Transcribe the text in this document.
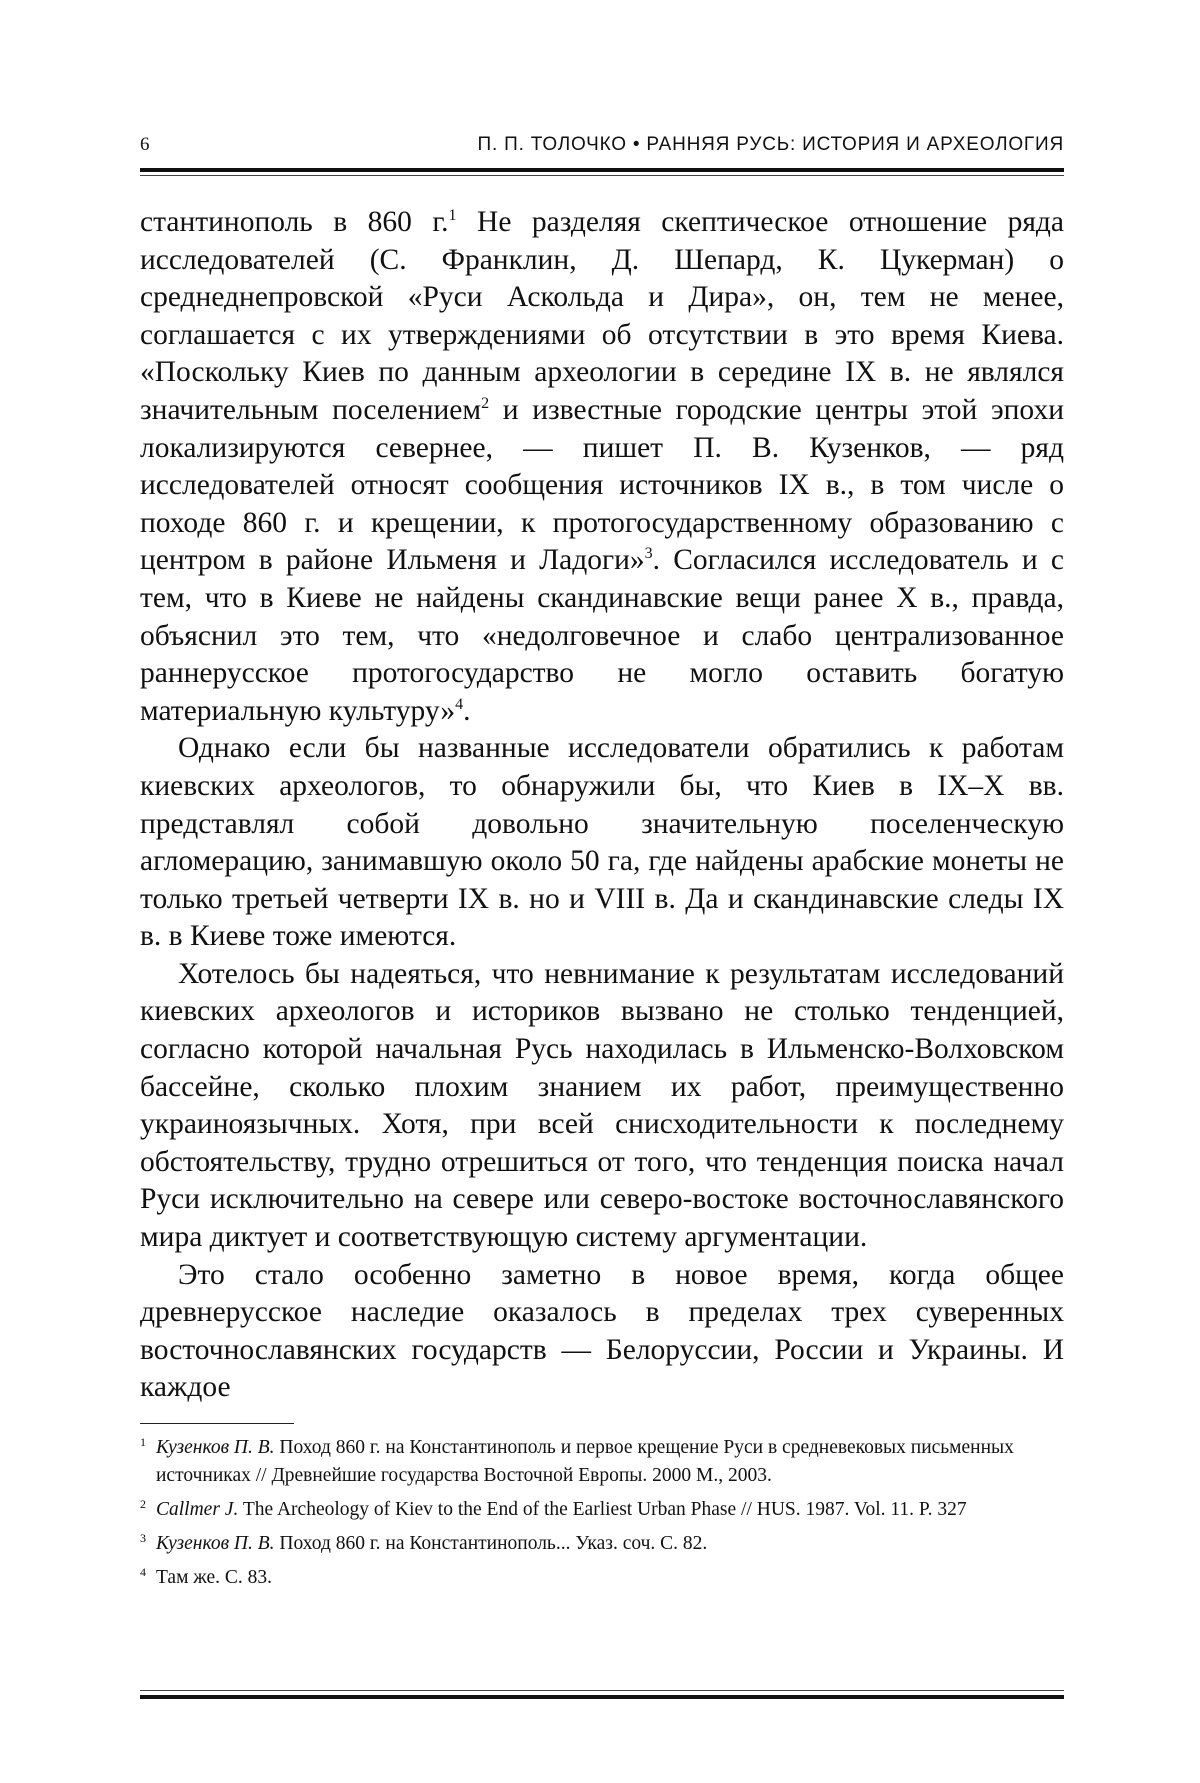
6	П. П. ТОЛОЧКО • РАННЯЯ РУСЬ: ИСТОРИЯ И АРХЕОЛОГИЯ

стантинополь в 860 г.$^1$ Не разделяя скептическое отношение ряда исследователей (С. Франклин, Д. Шепард, К. Цукерман) о среднеднепровской «Руси Аскольда и Дира», он, тем не менее, соглашается с их утверждениями об отсутствии в это время Киева. «Поскольку Киев по данным археологии в середине IX в. не являлся значительным поселением$^2$ и известные городские центры этой эпохи локализируются севернее, — пишет П. В. Кузенков, — ряд исследователей относят сообщения источников IX в., в том числе о походе 860 г. и крещении, к протогосударственному образованию с центром в районе Ильменя и Ладоги»$^3$. Согласился исследователь и с тем, что в Киеве не найдены скандинавские вещи ранее X в., правда, объяснил это тем, что «недолговечное и слабо централизованное раннерусское протогосударство не могло оставить богатую материальную культуру»$^4$.

Однако если бы названные исследователи обратились к работам киевских археологов, то обнаружили бы, что Киев в IX–X вв. представлял собой довольно значительную поселенческую агломерацию, занимавшую около 50 га, где найдены арабские монеты не только третьей четверти IX в. но и VIII в. Да и скандинавские следы IX в. в Киеве тоже имеются.

Хотелось бы надеяться, что невнимание к результатам исследований киевских археологов и историков вызвано не столько тенденцией, согласно которой начальная Русь находилась в Ильменско-Волховском бассейне, сколько плохим знанием их работ, преимущественно украиноязычных. Хотя, при всей снисходительности к последнему обстоятельству, трудно отрешиться от того, что тенденция поиска начал Руси исключительно на севере или северо-востоке восточнославянского мира диктует и соответствующую систему аргументации.

Это стало особенно заметно в новое время, когда общее древнерусское наследие оказалось в пределах трех суверенных восточнославянских государств — Белоруссии, России и Украины. И каждое

$^1$ Кузенков П. В. Поход 860 г. на Константинополь и первое крещение Руси в средневековых письменных источниках // Древнейшие государства Восточной Европы. 2000 М., 2003.

$^2$ Callmer J. The Archeology of Kiev to the End of the Earliest Urban Phase // HUS. 1987. Vol. 11. P. 327

$^3$ Кузенков П. В. Поход 860 г. на Константинополь... Указ. соч. С. 82.

$^4$ Там же. С. 83.
